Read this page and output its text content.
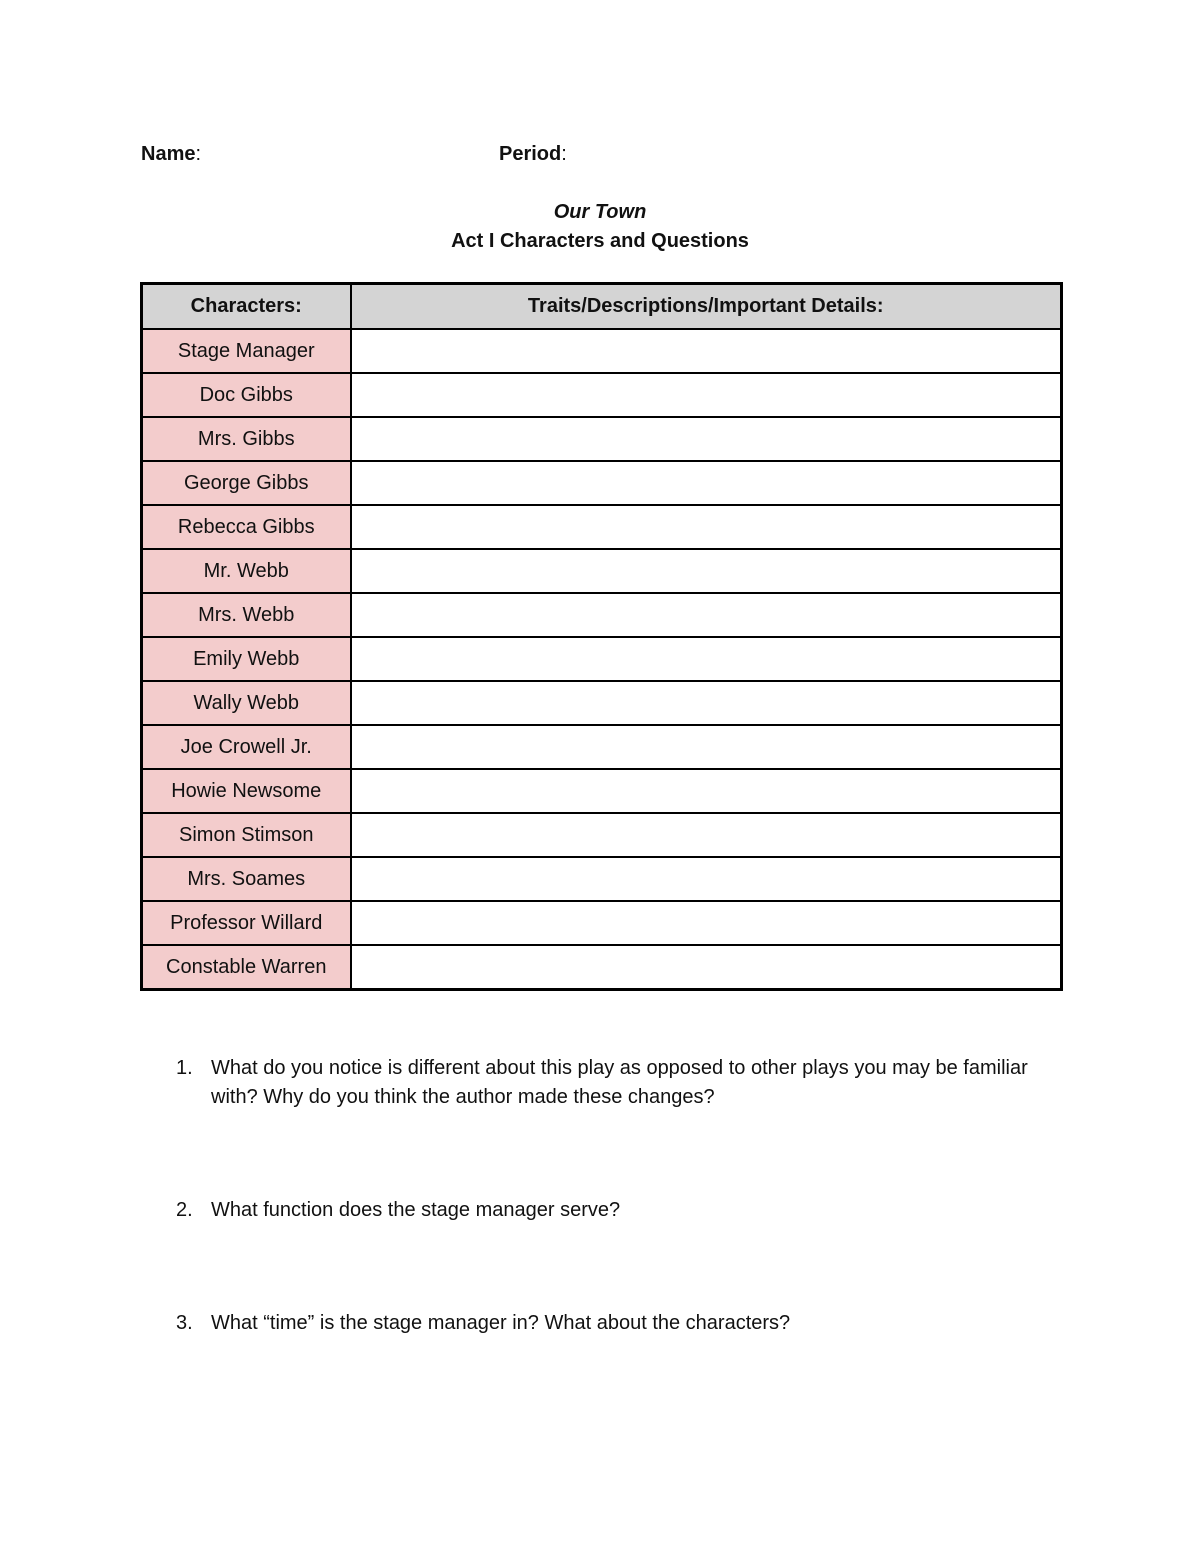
Name:	Period:
Our Town
Act I Characters and Questions
Characters:	Traits/Descriptions/Important Details:
Stage Manager	
Doc Gibbs	
Mrs. Gibbs	
George Gibbs	
Rebecca Gibbs	
Mr. Webb	
Mrs. Webb	
Emily Webb	
Wally Webb	
Joe Crowell Jr.	
Howie Newsome	
Simon Stimson	
Mrs. Soames	
Professor Willard	
Constable Warren	
1. What do you notice is different about this play as opposed to other plays you may be familiar with? Why do you think the author made these changes?
2. What function does the stage manager serve?
3. What “time” is the stage manager in? What about the characters?
